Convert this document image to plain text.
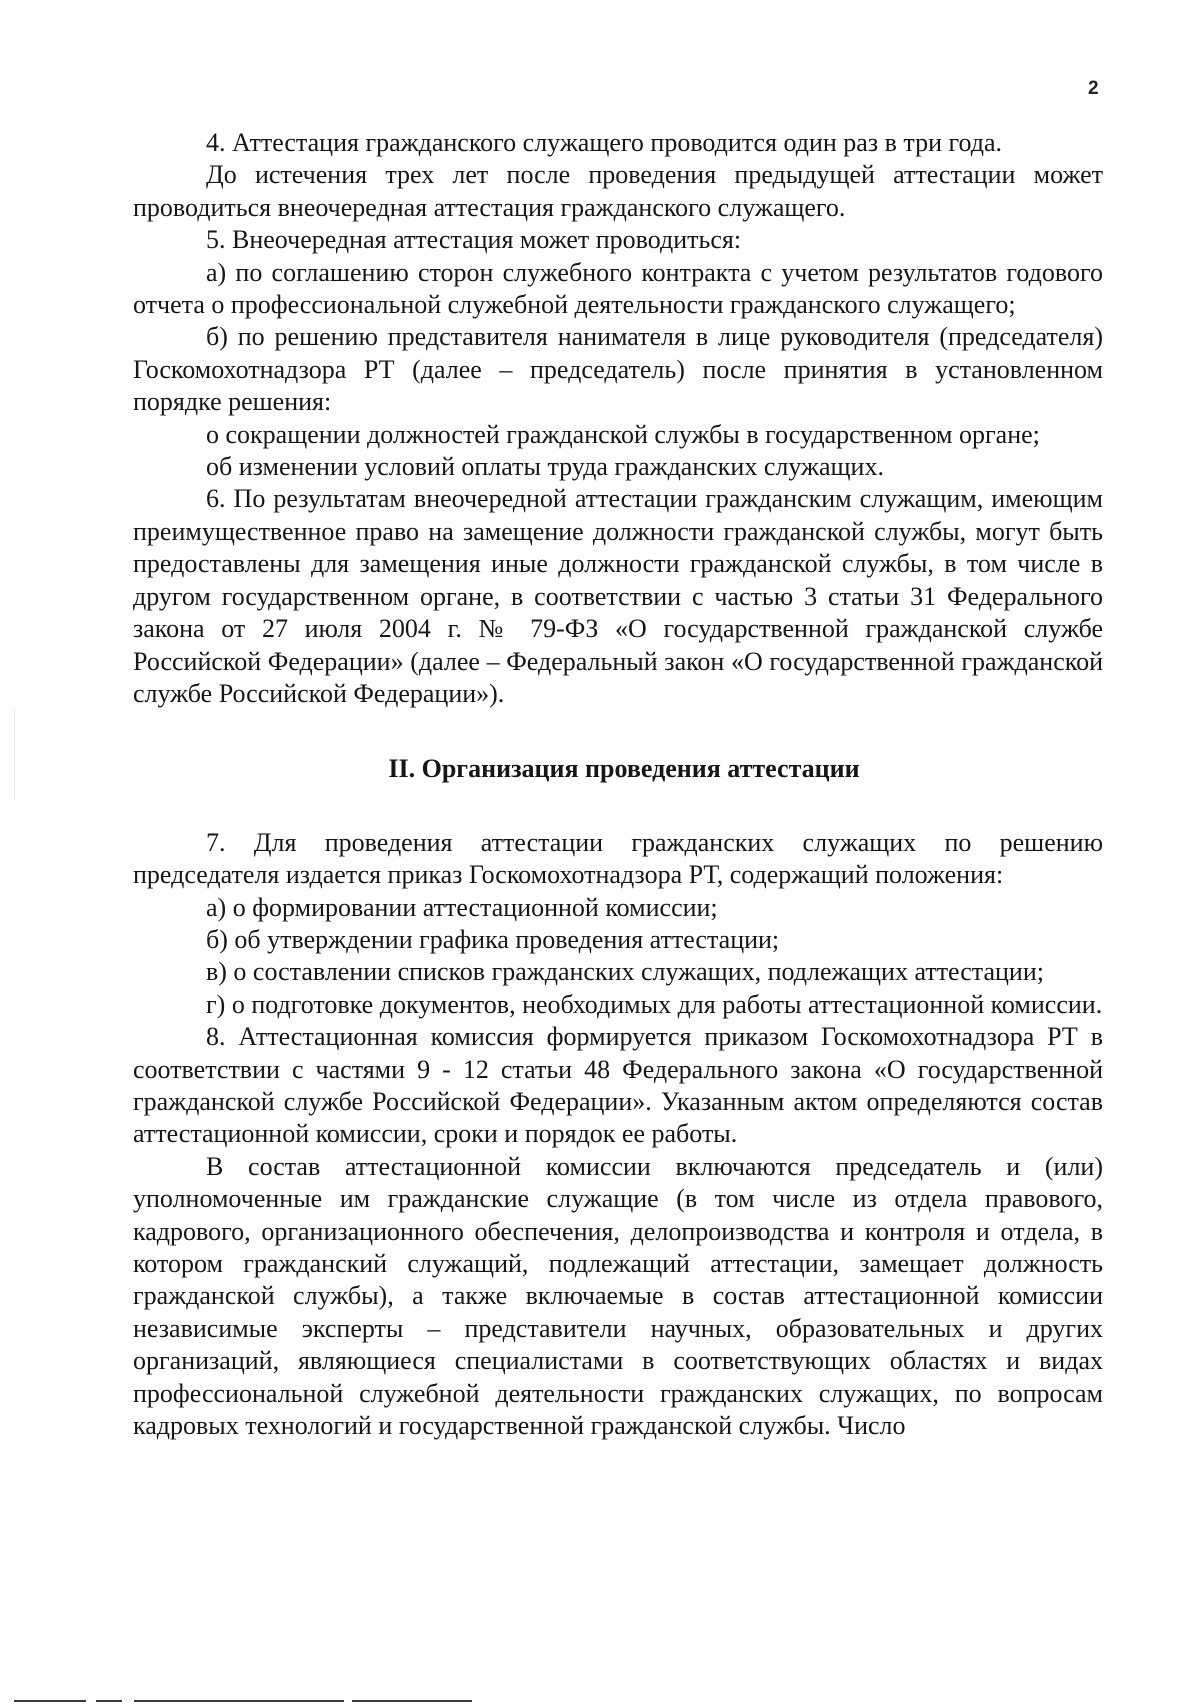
2

4. Аттестация гражданского служащего проводится один раз в три года.

До истечения трех лет после проведения предыдущей аттестации может проводиться внеочередная аттестация гражданского служащего.

5. Внеочередная аттестация может проводиться:

а) по соглашению сторон служебного контракта с учетом результатов годового отчета о профессиональной служебной деятельности гражданского служащего;

б) по решению представителя нанимателя в лице руководителя (председателя) Госкомохотнадзора РТ (далее – председатель) после принятия в установленном порядке решения:

о сокращении должностей гражданской службы в государственном органе;

об изменении условий оплаты труда гражданских служащих.

6. По результатам внеочередной аттестации гражданским служащим, имеющим преимущественное право на замещение должности гражданской службы, могут быть предоставлены для замещения иные должности гражданской службы, в том числе в другом государственном органе, в соответствии с частью 3 статьи 31 Федерального закона от 27 июля 2004 г. № 79-ФЗ «О государственной гражданской службе Российской Федерации» (далее – Федеральный закон «О государственной гражданской службе Российской Федерации»).

II. Организация проведения аттестации

7. Для проведения аттестации гражданских служащих по решению председателя издается приказ Госкомохотнадзора РТ, содержащий положения:

а) о формировании аттестационной комиссии;

б) об утверждении графика проведения аттестации;

в) о составлении списков гражданских служащих, подлежащих аттестации;

г) о подготовке документов, необходимых для работы аттестационной комиссии.

8. Аттестационная комиссия формируется приказом Госкомохотнадзора РТ в соответствии с частями 9 - 12 статьи 48 Федерального закона «О государственной гражданской службе Российской Федерации». Указанным актом определяются состав аттестационной комиссии, сроки и порядок ее работы.

В состав аттестационной комиссии включаются председатель и (или) уполномоченные им гражданские служащие (в том числе из отдела правового, кадрового, организационного обеспечения, делопроизводства и контроля и отдела, в котором гражданский служащий, подлежащий аттестации, замещает должность гражданской службы), а также включаемые в состав аттестационной комиссии независимые эксперты – представители научных, образовательных и других организаций, являющиеся специалистами в соответствующих областях и видах профессиональной служебной деятельности гражданских служащих, по вопросам кадровых технологий и государственной гражданской службы. Число
